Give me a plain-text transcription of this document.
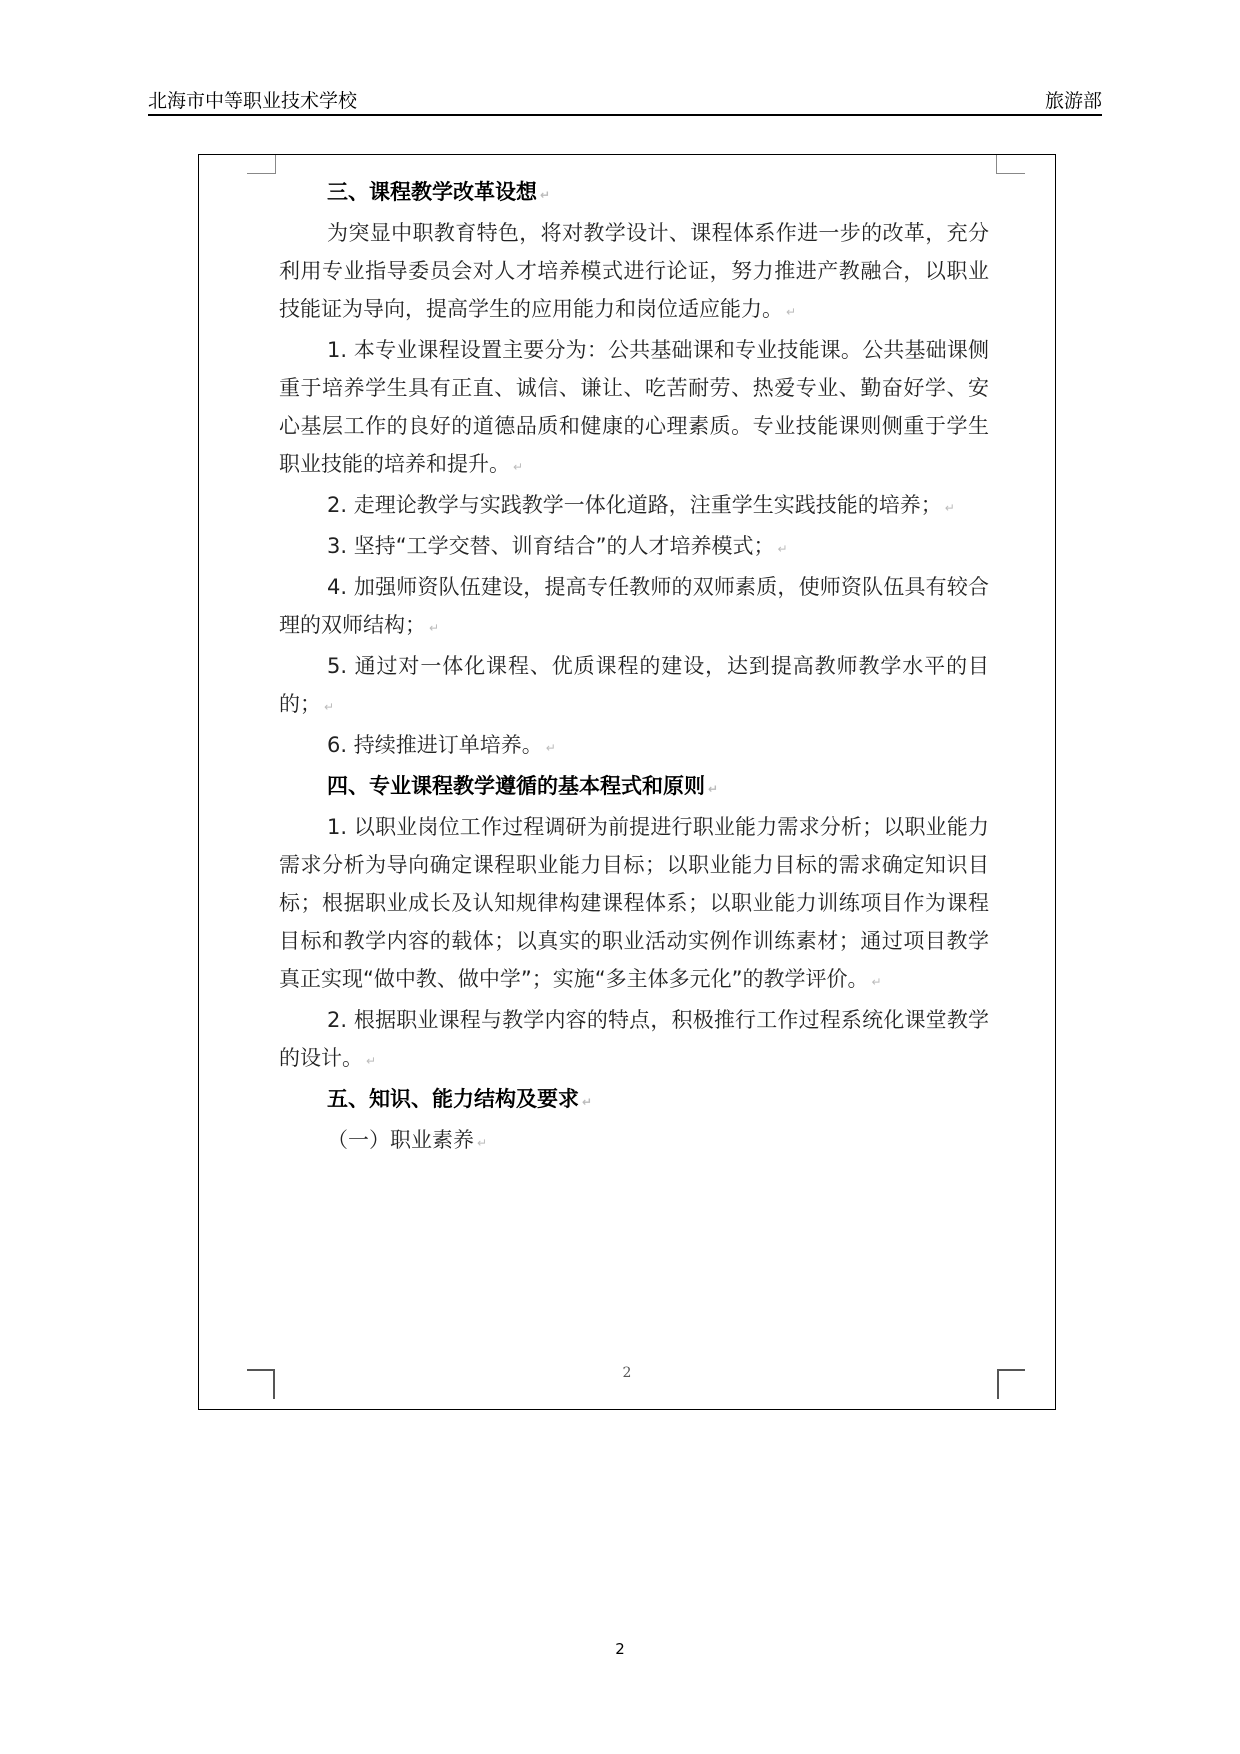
北海市中等职业技术学校	旅游部

三、课程教学改革设想 ↵

为突显中职教育特色，将对教学设计、课程体系作进一步的改革，充分利用专业指导委员会对人才培养模式进行论证，努力推进产教融合，以职业技能证为导向，提高学生的应用能力和岗位适应能力。 ↵

1. 本专业课程设置主要分为：公共基础课和专业技能课。公共基础课侧重于培养学生具有正直、诚信、谦让、吃苦耐劳、热爱专业、勤奋好学、安心基层工作的良好的道德品质和健康的心理素质。专业技能课则侧重于学生职业技能的培养和提升。 ↵

2. 走理论教学与实践教学一体化道路，注重学生实践技能的培养； ↵

3. 坚持“工学交替、训育结合”的人才培养模式； ↵

4. 加强师资队伍建设，提高专任教师的双师素质，使师资队伍具有较合理的双师结构； ↵

5. 通过对一体化课程、优质课程的建设，达到提高教师教学水平的目的； ↵

6. 持续推进订单培养。 ↵

四、专业课程教学遵循的基本程式和原则 ↵

1. 以职业岗位工作过程调研为前提进行职业能力需求分析；以职业能力需求分析为导向确定课程职业能力目标；以职业能力目标的需求确定知识目标；根据职业成长及认知规律构建课程体系；以职业能力训练项目作为课程目标和教学内容的载体；以真实的职业活动实例作训练素材；通过项目教学真正实现“做中教、做中学”；实施“多主体多元化”的教学评价。 ↵

2. 根据职业课程与教学内容的特点，积极推行工作过程系统化课堂教学的设计。 ↵

五、知识、能力结构及要求 ↵

（一）职业素养 ↵

2
2
